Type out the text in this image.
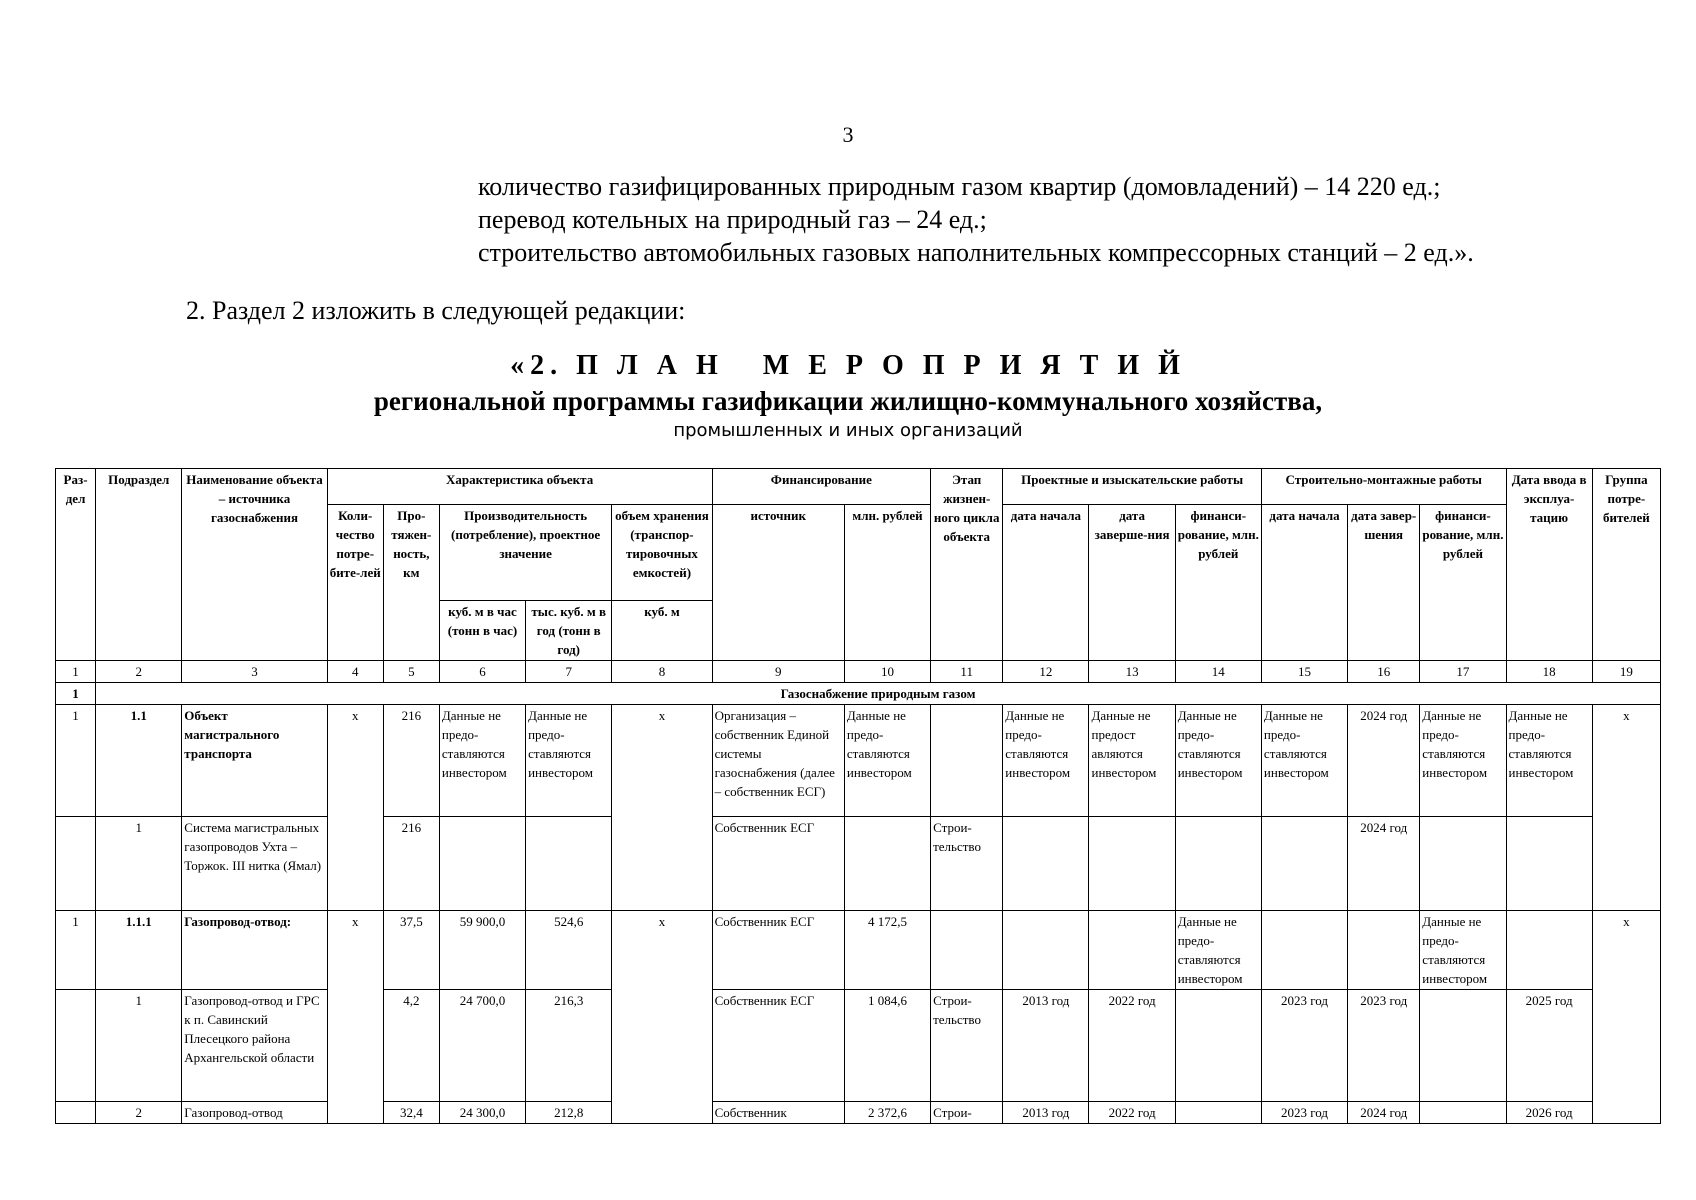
3
количество газифицированных природным газом квартир (домовладений) – 14 220 ед.;
перевод котельных на природный газ – 24 ед.;
строительство автомобильных газовых наполнительных компрессорных станций – 2 ед.».
2. Раздел 2 изложить в следующей редакции:
«2. П Л А Н   М Е Р О П Р И Я Т И Й
региональной программы газификации жилищно-коммунального хозяйства,
промышленных и иных организаций
Раз-дел	Подраздел	Наименование объекта – источника газоснабжения	Характеристика объекта					Финансирование		Этап жизнен-ного цикла объекта	Проектные и изыскательские работы			Строительно-монтажные работы			Дата ввода в эксплуа-тацию	Группа потре-бителей
			Коли-чество потре-бите-лей	Про-тяжен-ность, км	Производительность (потребление), проектное значение		объем хранения (транспор-тировочных емкостей)	источник	млн. рублей		дата начала	дата заверше-ния	финанси-рование, млн. рублей	дата начала	дата завер-шения	финанси-рование, млн. рублей		
					куб. м в час (тонн в час)	тыс. куб. м в год (тонн в год)	куб. м											
1	2	3	4	5	6	7	8	9	10	11	12	13	14	15	16	17	18	19
1	Газоснабжение природным газом																	
1	1.1	Объект магистрального транспорта	х	216	Данные не предо-ставляются инвестором	Данные не предо-ставляются инвестором	х	Организация – собственник Единой системы газоснабжения (далее – собственник ЕСГ)	Данные не предо-ставляются инвестором		Данные не предо-ставляются инвестором	Данные не предост авляются инвестором	Данные не предо-ставляются инвестором	Данные не предо-ставляются инвестором	2024 год	Данные не предо-ставляются инвестором	Данные не предо-ставляются инвестором	х
	1	Система магистральных газопроводов Ухта – Торжок. III нитка (Ямал)		216				Собственник ЕСГ		Строи-тельство					2024 год			
1	1.1.1	Газопровод-отвод:	х	37,5	59 900,0	524,6	х	Собственник ЕСГ	4 172,5				Данные не предо-ставляются инвестором			Данные не предо-ставляются инвестором		х
	1	Газопровод-отвод и ГРС к п. Савинский Плесецкого района Архангельской области		4,2	24 700,0	216,3		Собственник ЕСГ	1 084,6	Строи-тельство	2013 год	2022 год		2023 год	2023 год		2025 год	
	2	Газопровод-отвод		32,4	24 300,0	212,8		Собственник	2 372,6	Строи-	2013 год	2022 год		2023 год	2024 год		2026 год	
